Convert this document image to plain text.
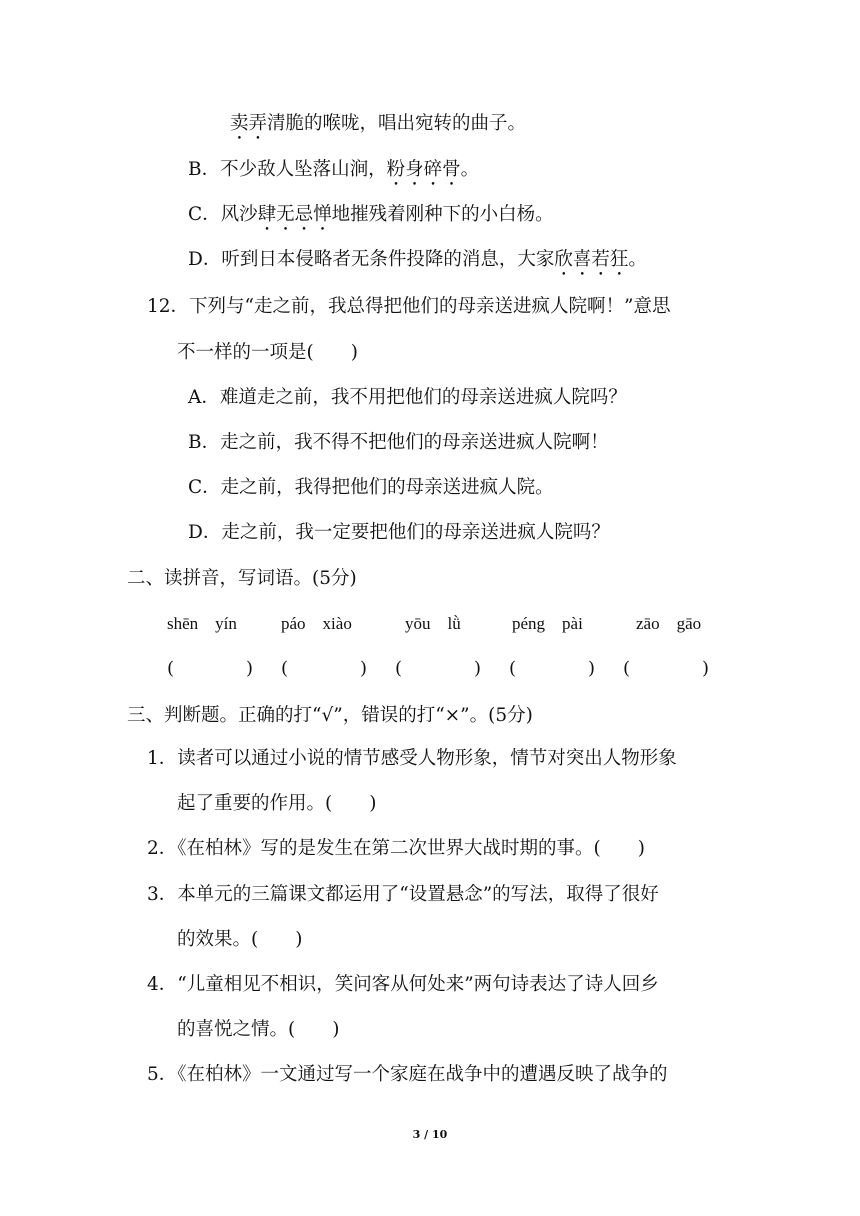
卖弄清脆的喉咙，唱出宛转的曲子。
B．不少敌人坠落山涧，粉身碎骨。
C．风沙肆无忌惮地摧残着刚种下的小白杨。
D．听到日本侵略者无条件投降的消息，大家欣喜若狂。
12．下列与“走之前，我总得把他们的母亲送进疯人院啊！”意思
不一样的一项是(　　)
A．难道走之前，我不用把他们的母亲送进疯人院吗？
B．走之前，我不得不把他们的母亲送进疯人院啊！
C．走之前，我得把他们的母亲送进疯人院。
D．走之前，我一定要把他们的母亲送进疯人院吗？
二、读拼音，写词语。(5分)
shēn　yín	páo　xiào	yōu　lǜ	péng　pài	zāo　gāo
(　　　　) (　　　　) (　　　　) (　　　　) (　　　　)
三、判断题。正确的打“√”，错误的打“×”。(5分)
1．读者可以通过小说的情节感受人物形象，情节对突出人物形象
起了重要的作用。(　　)
2．《在柏林》写的是发生在第二次世界大战时期的事。(　　)
3．本单元的三篇课文都运用了“设置悬念”的写法，取得了很好
的效果。(　　)
4．“儿童相见不相识，笑问客从何处来”两句诗表达了诗人回乡
的喜悦之情。(　　)
5．《在柏林》一文通过写一个家庭在战争中的遭遇反映了战争的
3 / 10
